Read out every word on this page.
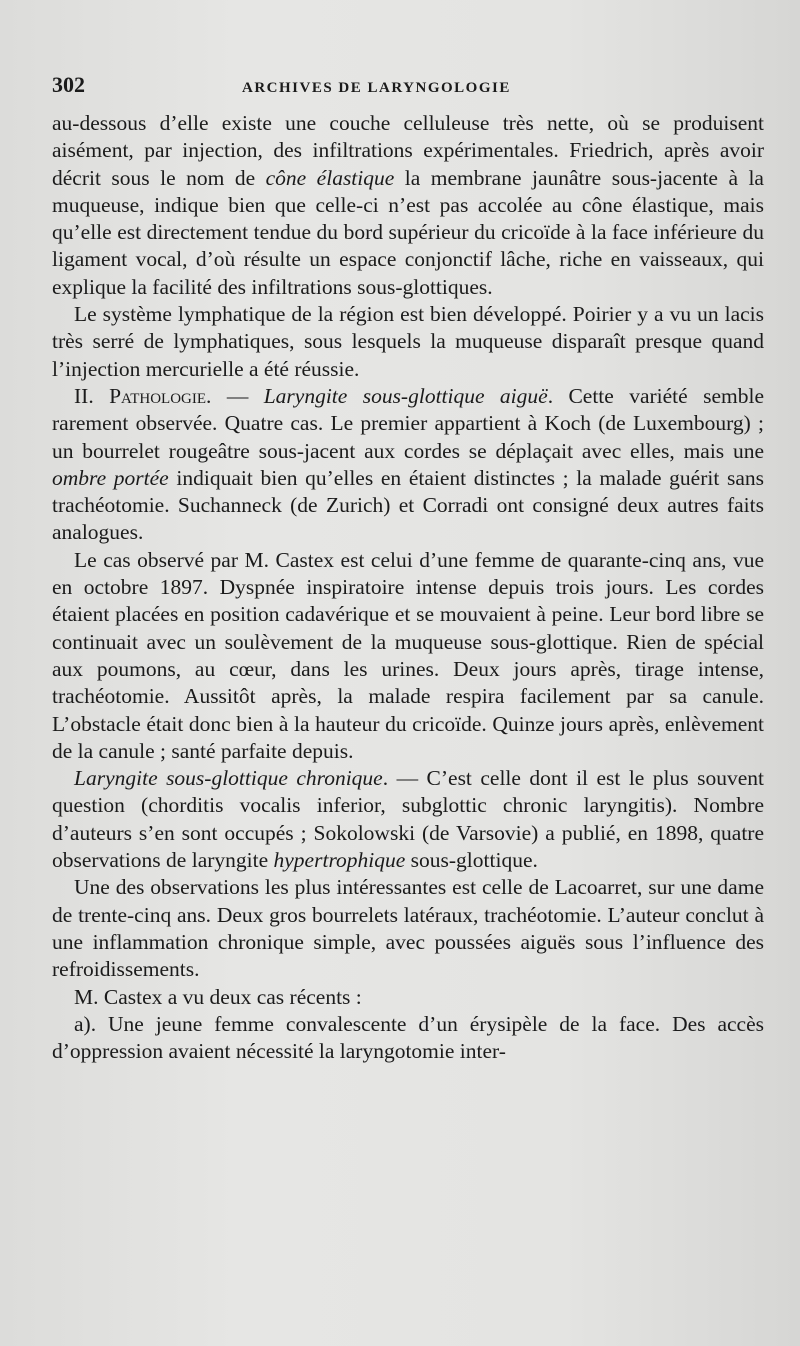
302	ARCHIVES DE LARYNGOLOGIE

au-dessous d’elle existe une couche celluleuse très nette, où se produisent aisément, par injection, des infiltrations expérimentales. Friedrich, après avoir décrit sous le nom de cône élastique la membrane jaunâtre sous-jacente à la muqueuse, indique bien que celle-ci n’est pas accolée au cône élastique, mais qu’elle est directement tendue du bord supérieur du cricoïde à la face inférieure du ligament vocal, d’où résulte un espace conjonctif lâche, riche en vaisseaux, qui explique la facilité des infiltrations sous-glottiques.

Le système lymphatique de la région est bien développé. Poirier y a vu un lacis très serré de lymphatiques, sous lesquels la muqueuse disparaît presque quand l’injection mercurielle a été réussie.

II. Pathologie. — Laryngite sous-glottique aiguë. Cette variété semble rarement observée. Quatre cas. Le premier appartient à Koch (de Luxembourg) ; un bourrelet rougeâtre sous-jacent aux cordes se déplaçait avec elles, mais une ombre portée indiquait bien qu’elles en étaient distinctes ; la malade guérit sans trachéotomie. Suchanneck (de Zurich) et Corradi ont consigné deux autres faits analogues.

Le cas observé par M. Castex est celui d’une femme de quarante-cinq ans, vue en octobre 1897. Dyspnée inspiratoire intense depuis trois jours. Les cordes étaient placées en position cadavérique et se mouvaient à peine. Leur bord libre se continuait avec un soulèvement de la muqueuse sous-glottique. Rien de spécial aux poumons, au cœur, dans les urines. Deux jours après, tirage intense, trachéotomie. Aussitôt après, la malade respira facilement par sa canule. L’obstacle était donc bien à la hauteur du cricoïde. Quinze jours après, enlèvement de la canule ; santé parfaite depuis.

Laryngite sous-glottique chronique. — C’est celle dont il est le plus souvent question (chorditis vocalis inferior, subglottic chronic laryngitis). Nombre d’auteurs s’en sont occupés ; Sokolowski (de Varsovie) a publié, en 1898, quatre observations de laryngite hypertrophique sous-glottique.

Une des observations les plus intéressantes est celle de Lacoarret, sur une dame de trente-cinq ans. Deux gros bourrelets latéraux, trachéotomie. L’auteur conclut à une inflammation chronique simple, avec poussées aiguës sous l’influence des refroidissements.

M. Castex a vu deux cas récents :

a). Une jeune femme convalescente d’un érysipèle de la face. Des accès d’oppression avaient nécessité la laryngotomie inter-
